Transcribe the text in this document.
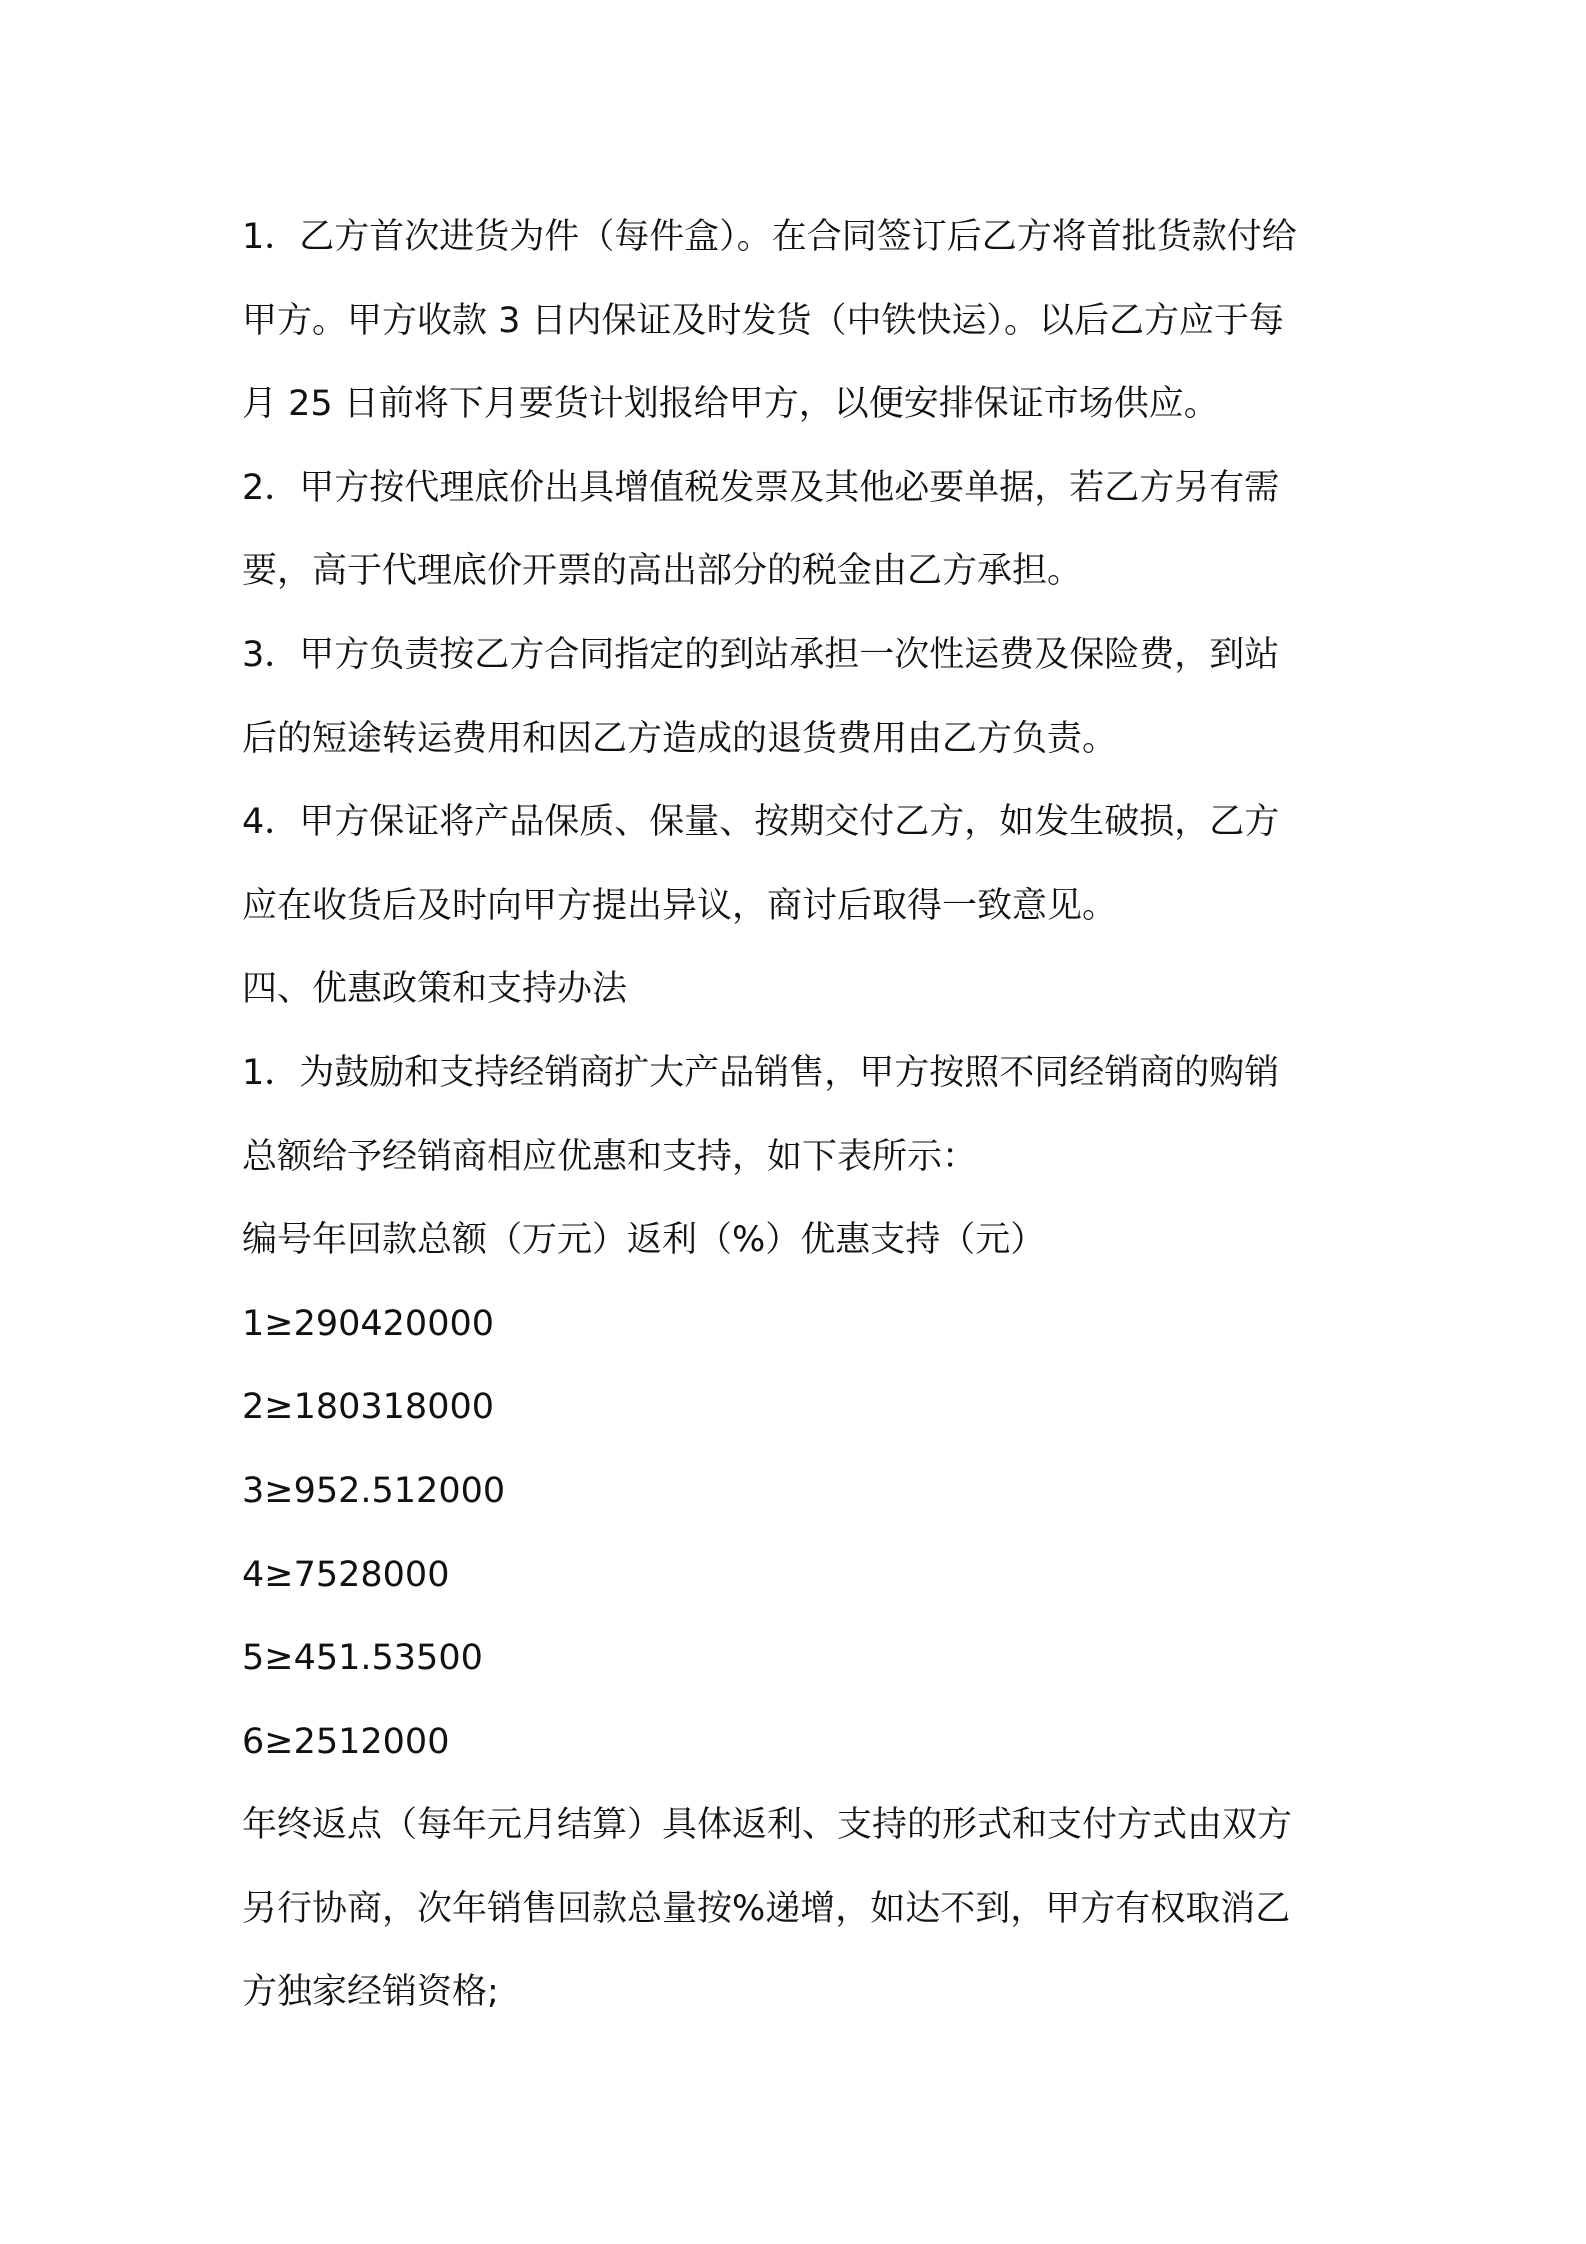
1．乙方首次进货为件（每件盒）。在合同签订后乙方将首批货款付给
甲方。甲方收款 3 日内保证及时发货（中铁快运）。以后乙方应于每
月 25 日前将下月要货计划报给甲方，以便安排保证市场供应。
2．甲方按代理底价出具增值税发票及其他必要单据，若乙方另有需
要，高于代理底价开票的高出部分的税金由乙方承担。
3．甲方负责按乙方合同指定的到站承担一次性运费及保险费，到站
后的短途转运费用和因乙方造成的退货费用由乙方负责。
4．甲方保证将产品保质、保量、按期交付乙方，如发生破损，乙方
应在收货后及时向甲方提出异议，商讨后取得一致意见。
四、优惠政策和支持办法
1．为鼓励和支持经销商扩大产品销售，甲方按照不同经销商的购销
总额给予经销商相应优惠和支持，如下表所示：
编号年回款总额（万元）返利（%）优惠支持（元）
1≥290420000
2≥180318000
3≥952.512000
4≥7528000
5≥451.53500
6≥2512000
年终返点（每年元月结算）具体返利、支持的形式和支付方式由双方
另行协商，次年销售回款总量按%递增，如达不到，甲方有权取消乙
方独家经销资格;
